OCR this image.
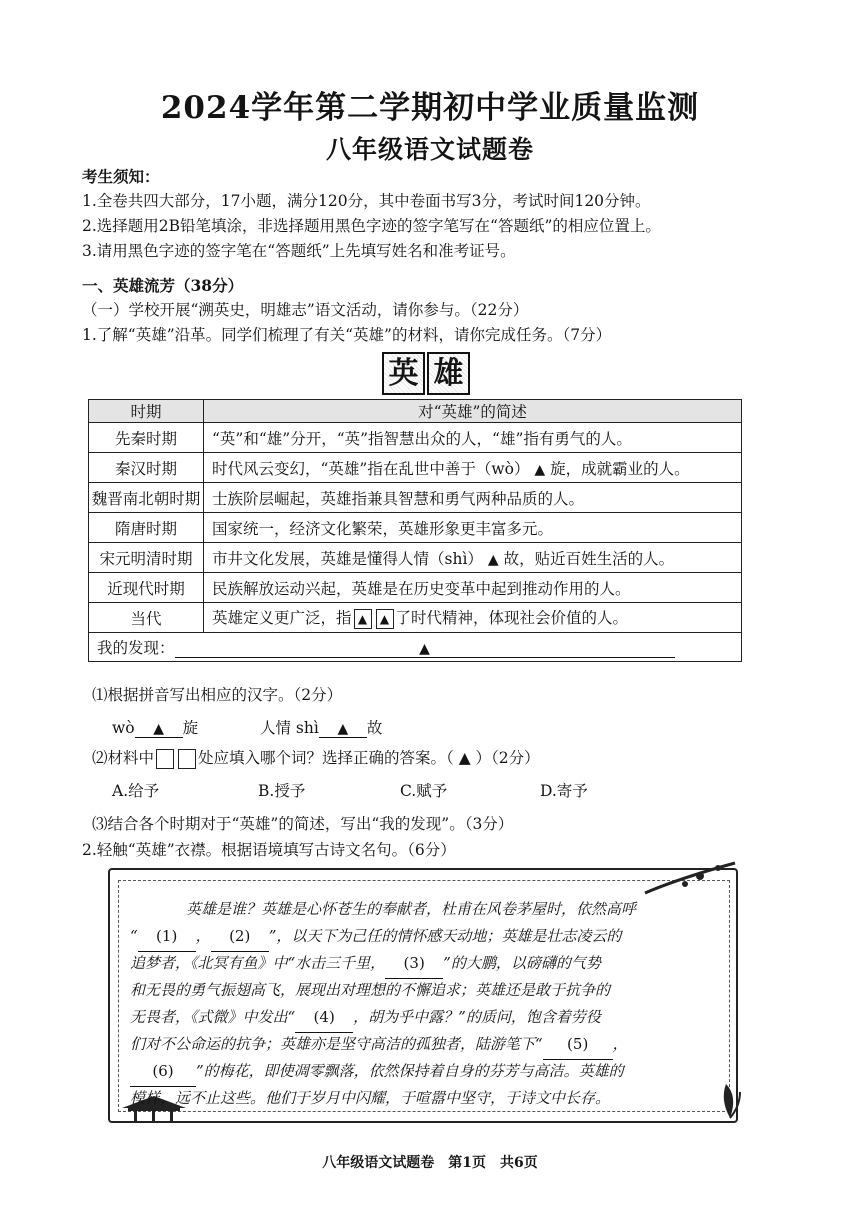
2024学年第二学期初中学业质量监测
八年级语文试题卷
考生须知：
1.全卷共四大部分，17小题，满分120分，其中卷面书写3分，考试时间120分钟。
2.选择题用2B铅笔填涂，非选择题用黑色字迹的签字笔写在“答题纸”的相应位置上。
3.请用黑色字迹的签字笔在“答题纸”上先填写姓名和准考证号。
一、英雄流芳（38分）
（一）学校开展“溯英史，明雄志”语文活动，请你参与。（22分）
1.了解“英雄”沿革。同学们梳理了有关“英雄”的材料，请你完成任务。（7分）
英 雄
时期	对“英雄”的简述
先秦时期	“英”和“雄”分开，“英”指智慧出众的人，“雄”指有勇气的人。
秦汉时期	时代风云变幻，“英雄”指在乱世中善于（wò） ▲ 旋，成就霸业的人。
魏晋南北朝时期	士族阶层崛起，英雄指兼具智慧和勇气两种品质的人。
隋唐时期	国家统一，经济文化繁荣，英雄形象更丰富多元。
宋元明清时期	市井文化发展，英雄是懂得人情（shì） ▲ 故，贴近百姓生活的人。
近现代时期	民族解放运动兴起，英雄是在历史变革中起到推动作用的人。
当代	英雄定义更广泛，指 ▲ ▲ 了时代精神，体现社会价值的人。
我的发现： ▲	
⑴根据拼音写出相应的汉字。（2分）
wò ▲ 旋	人情 shì ▲ 故
⑵材料中	处应填入哪个词？选择正确的答案。（ ▲ ）（2分）
A.给予	B.授予	C.赋予	D.寄予
⑶结合各个时期对于“英雄”的简述，写出“我的发现”。（3分）
2.轻触“英雄”衣襟。根据语境填写古诗文名句。（6分）
英雄是谁？英雄是心怀苍生的奉献者，杜甫在风卷茅屋时，依然高呼
“ (1) ， (2) ”，以天下为己任的情怀感天动地；英雄是壮志凌云的
追梦者，《北冥有鱼》中“水击三千里， (3) ”的大鹏，以磅礴的气势
和无畏的勇气振翅高飞，展现出对理想的不懈追求；英雄还是敢于抗争的
无畏者，《式微》中发出“ (4) ，胡为乎中露？”的质问，饱含着劳役
们对不公命运的抗争；英雄亦是坚守高洁的孤独者，陆游笔下“ (5) ，
(6) ”的梅花，即使凋零飘落，依然保持着自身的芬芳与高洁。英雄的
模样，远不止这些。他们于岁月中闪耀，于喧嚣中坚守，于诗文中长存。
八年级语文试题卷　第1页　共6页
